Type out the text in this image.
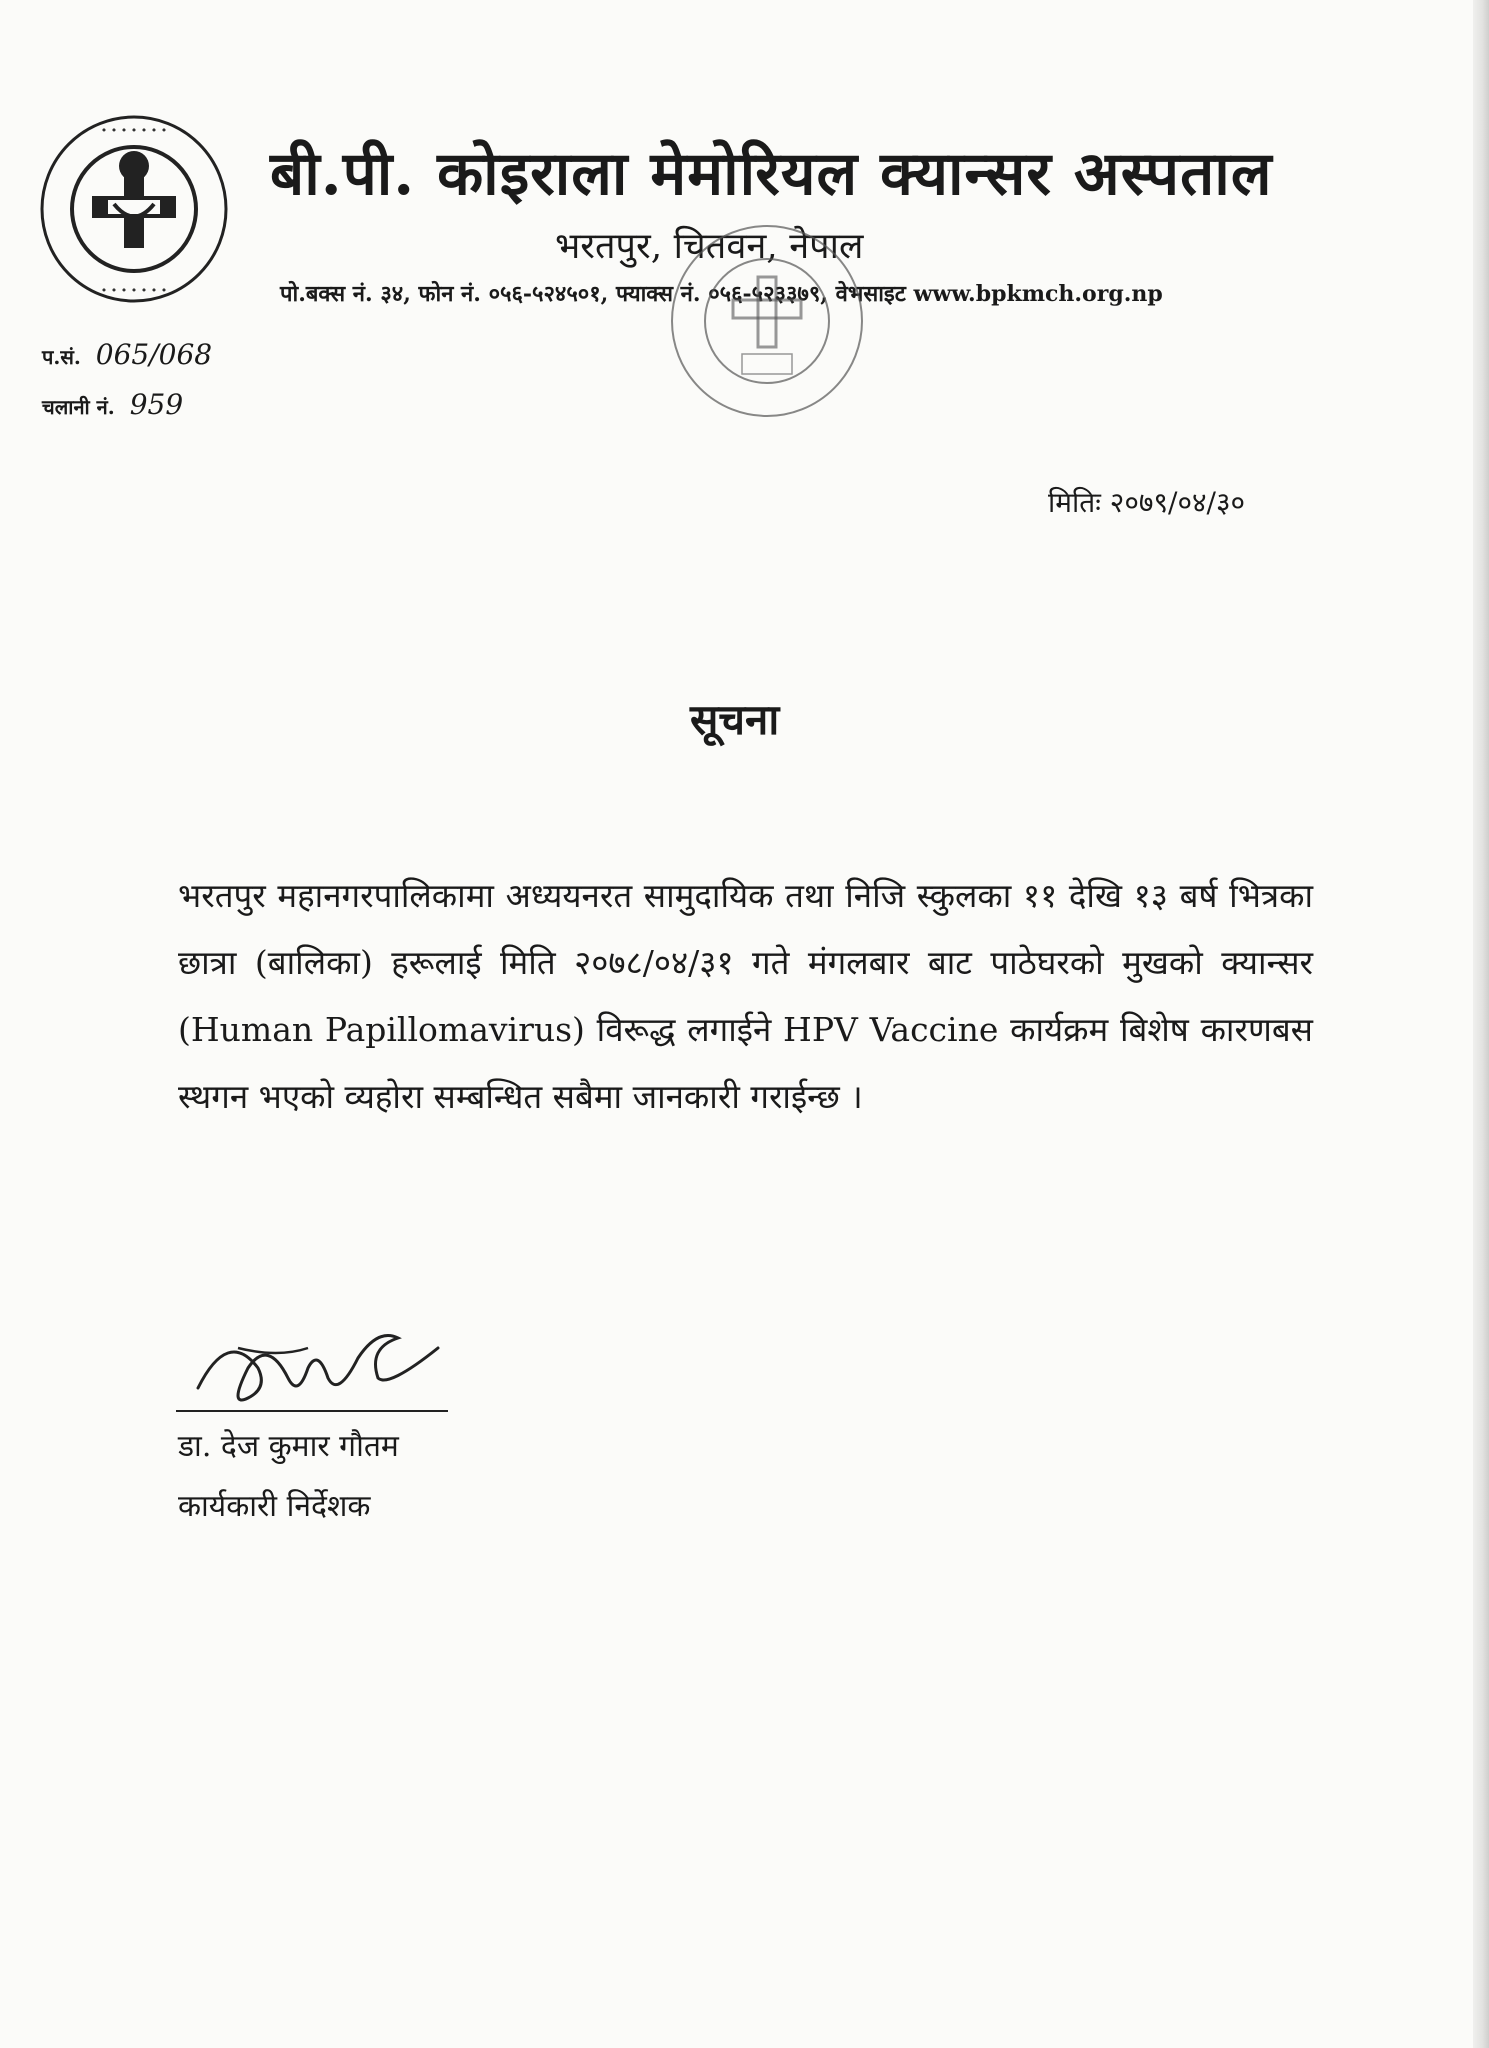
• • • • • • •
• • • • • • •
बी.पी. कोइराला मेमोरियल क्यान्सर अस्पताल
भरतपुर, चितवन, नेपाल
पो.बक्स नं. ३४, फोन नं. ०५६-५२४५०१, फ्याक्स नं. ०५६-५२३३७९, वेभसाइट www.bpkmch.org.np
प.सं. 065/068
चलानी नं. 959
मितिः २०७९/०४/३०
सूचना

भरतपुर महानगरपालिकामा अध्ययनरत सामुदायिक तथा निजि स्कुलका ११ देखि १३ बर्ष भित्रका छात्रा (बालिका) हरूलाई मिति २०७८/०४/३१ गते मंगलबार बाट पाठेघरको मुखको क्यान्सर (Human Papillomavirus) विरूद्ध लगाईने HPV Vaccine कार्यक्रम बिशेष कारणबस स्थगन भएको व्यहोरा सम्बन्धित सबैमा जानकारी गराईन्छ ।

डा. देज कुमार गौतम
कार्यकारी निर्देशक
